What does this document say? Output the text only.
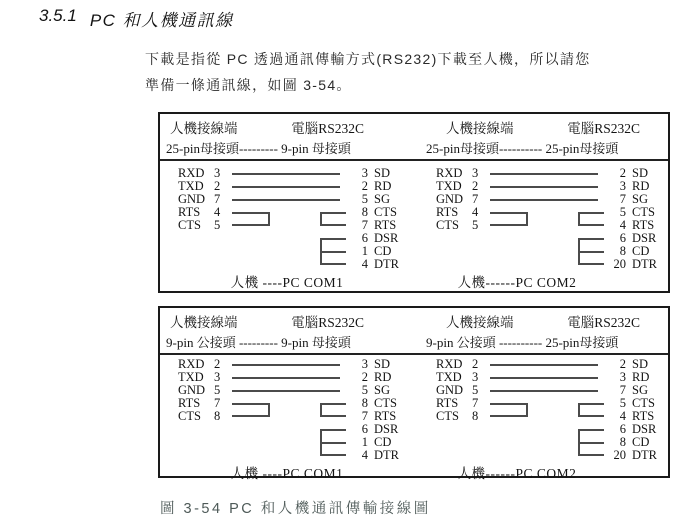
3.5.1 PC 和人機通訊線
下載是指從 PC 透過通訊傳輸方式(RS232)下載至人機，所以請您
準備一條通訊線，如圖 3-54。
人機接線端	電腦RS232C	人機接線端	電腦RS232C
25-pin母接頭--------- 9-pin 母接頭	25-pin母接頭---------- 25-pin母接頭
RXD 3	3 SD
TXD 2	2 RD
GND 7	5 SG
RTS	4	8 CTS
CTS	5	7 RTS
6 DSR
1 CD
4 DTR
RXD 3	2 SD
TXD 2	3 RD
GND 7	7 SG
RTS	4	5 CTS
CTS	5	4 RTS
6 DSR
8 CD
20 DTR
人機 ----PC COM1	人機------PC COM2
人機接線端	電腦RS232C	人機接線端	電腦RS232C
9-pin 公接頭 --------- 9-pin 母接頭	9-pin 公接頭 ---------- 25-pin母接頭
RXD 2	3 SD
TXD 3	2 RD
GND 5	5 SG
RTS	7	8 CTS
CTS	8	7 RTS
6 DSR
1 CD
4 DTR
RXD 2	2 SD
TXD 3	3 RD
GND 5	7 SG
RTS	7	5 CTS
CTS	8	4 RTS
6 DSR
8 CD
20 DTR
人機 ----PC COM1	人機------PC COM2
圖 3-54 PC 和人機通訊傳輸接線圖
